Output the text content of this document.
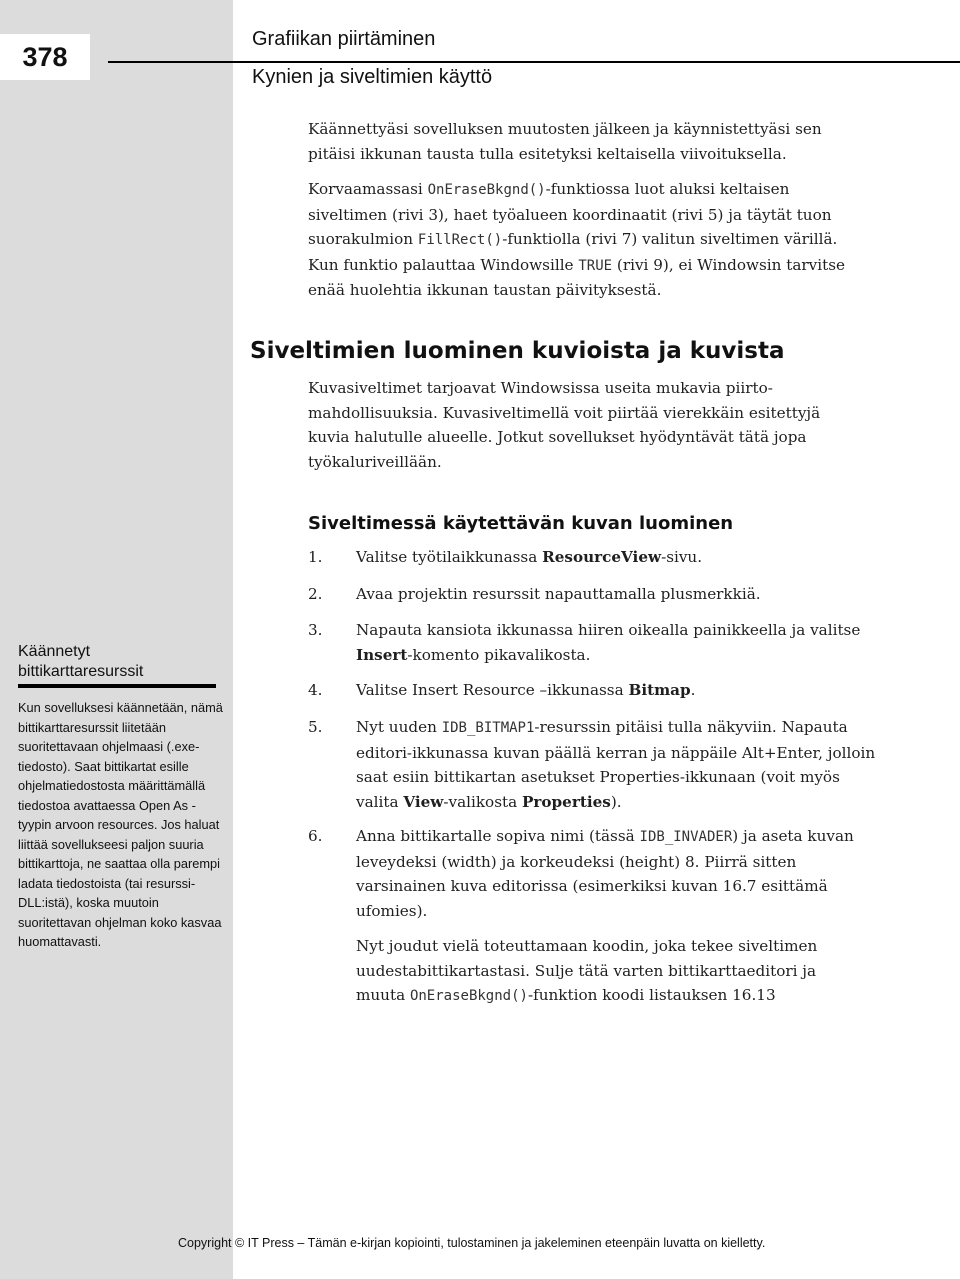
378
Grafiikan piirtäminen
Kynien ja siveltimien käyttö

Käännettyäsi sovelluksen muutosten jälkeen ja käynnistettyäsi sen pitäisi ikkunan tausta tulla esitetyksi keltaisella viivoituksella.

Korvaamassasi OnEraseBkgnd()-funktiossa luot aluksi keltaisen siveltimen (rivi 3), haet työalueen koordinaatit (rivi 5) ja täytät tuon suorakulmion FillRect()-funktiolla (rivi 7) valitun siveltimen värillä. Kun funktio palauttaa Windowsille TRUE (rivi 9), ei Windowsin tarvitse enää huolehtia ikkunan taustan päivityksestä.

Siveltimien luominen kuvioista ja kuvista

Kuvasiveltimet tarjoavat Windowsissa useita mukavia piirto-mahdollisuuksia. Kuvasiveltimellä voit piirtää vierekkäin esitettyjä kuvia halutulle alueelle. Jotkut sovellukset hyödyntävät tätä jopa työkaluriveillään.

Siveltimessä käytettävän kuvan luominen
1. Valitse työtilaikkunassa ResourceView-sivu.
2. Avaa projektin resurssit napauttamalla plusmerkkiä.
3. Napauta kansiota ikkunassa hiiren oikealla painikkeella ja valitse Insert-komento pikavalikosta.
4. Valitse Insert Resource –ikkunassa Bitmap.
5. Nyt uuden IDB_BITMAP1-resurssin pitäisi tulla näkyviin. Napauta editori-ikkunassa kuvan päällä kerran ja näppäile Alt+Enter, jolloin saat esiin bittikartan asetukset Properties-ikkunaan (voit myös valita View-valikosta Properties).
6. Anna bittikartalle sopiva nimi (tässä IDB_INVADER) ja aseta kuvan leveydeksi (width) ja korkeudeksi (height) 8. Piirrä sitten varsinainen kuva editorissa (esimerkiksi kuvan 16.7 esittämä ufomies).

Nyt joudut vielä toteuttamaan koodin, joka tekee siveltimen uudestabittikartastasi. Sulje tätä varten bittikarttaeditori ja muuta OnEraseBkgnd()-funktion koodi listauksen 16.13

Käännetyt bittikarttaresurssit
Kun sovelluksesi käännetään, nämä bittikarttaresurssit liitetään suoritettavaan ohjelmaasi (.exe-tiedosto). Saat bittikartat esille ohjelmatiedostosta määrittämällä tiedostoa avattaessa Open As -tyypin arvoon resources. Jos haluat liittää sovellukseesi paljon suuria bittikarttoja, ne saattaa olla parempi ladata tiedostoista (tai resurssi-DLL:istä), koska muutoin suoritettavan ohjelman koko kasvaa huomattavasti.
Copyright © IT Press – Tämän e-kirjan kopiointi, tulostaminen ja jakeleminen eteenpäin luvatta on kielletty.
